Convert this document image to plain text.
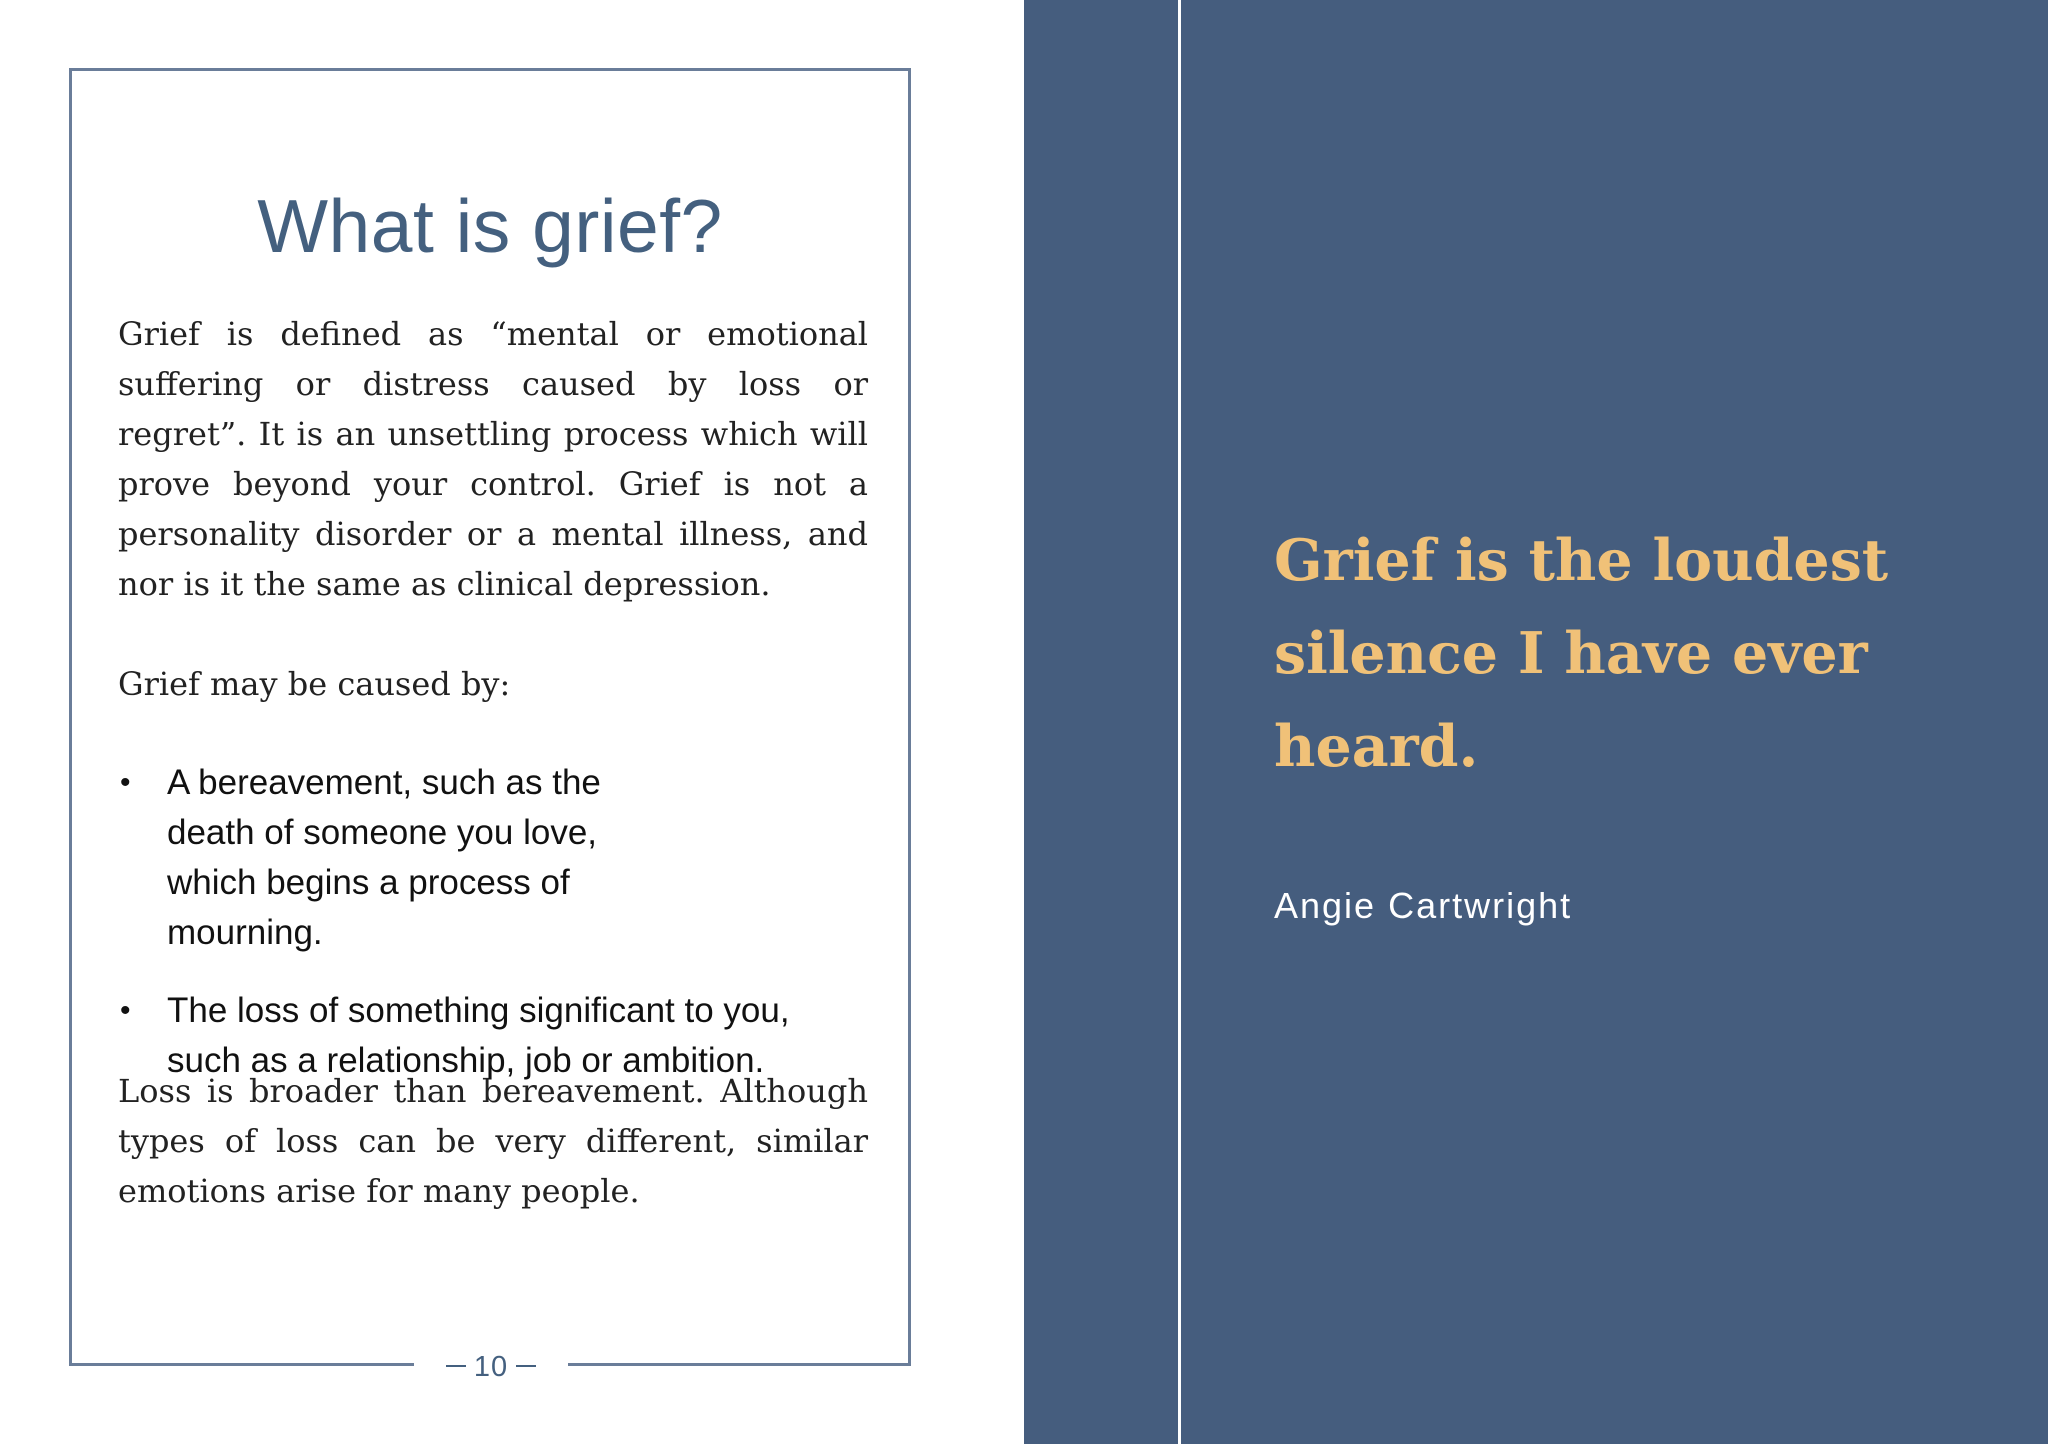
What is grief?

Grief is defined as “mental or emotional suffering or distress caused by loss or regret”. It is an unsettling process which will prove beyond your control. Grief is not a personality disorder or a mental illness, and nor is it the same as clinical depression.

Grief may be caused by:

• A bereavement, such as the death of someone you love, which begins a process of mourning.
• The loss of something significant to you, such as a relationship, job or ambition.

Loss is broader than bereavement. Although types of loss can be very different, similar emotions arise for many people.

10

Grief is the loudest silence I have ever heard.

Angie Cartwright
